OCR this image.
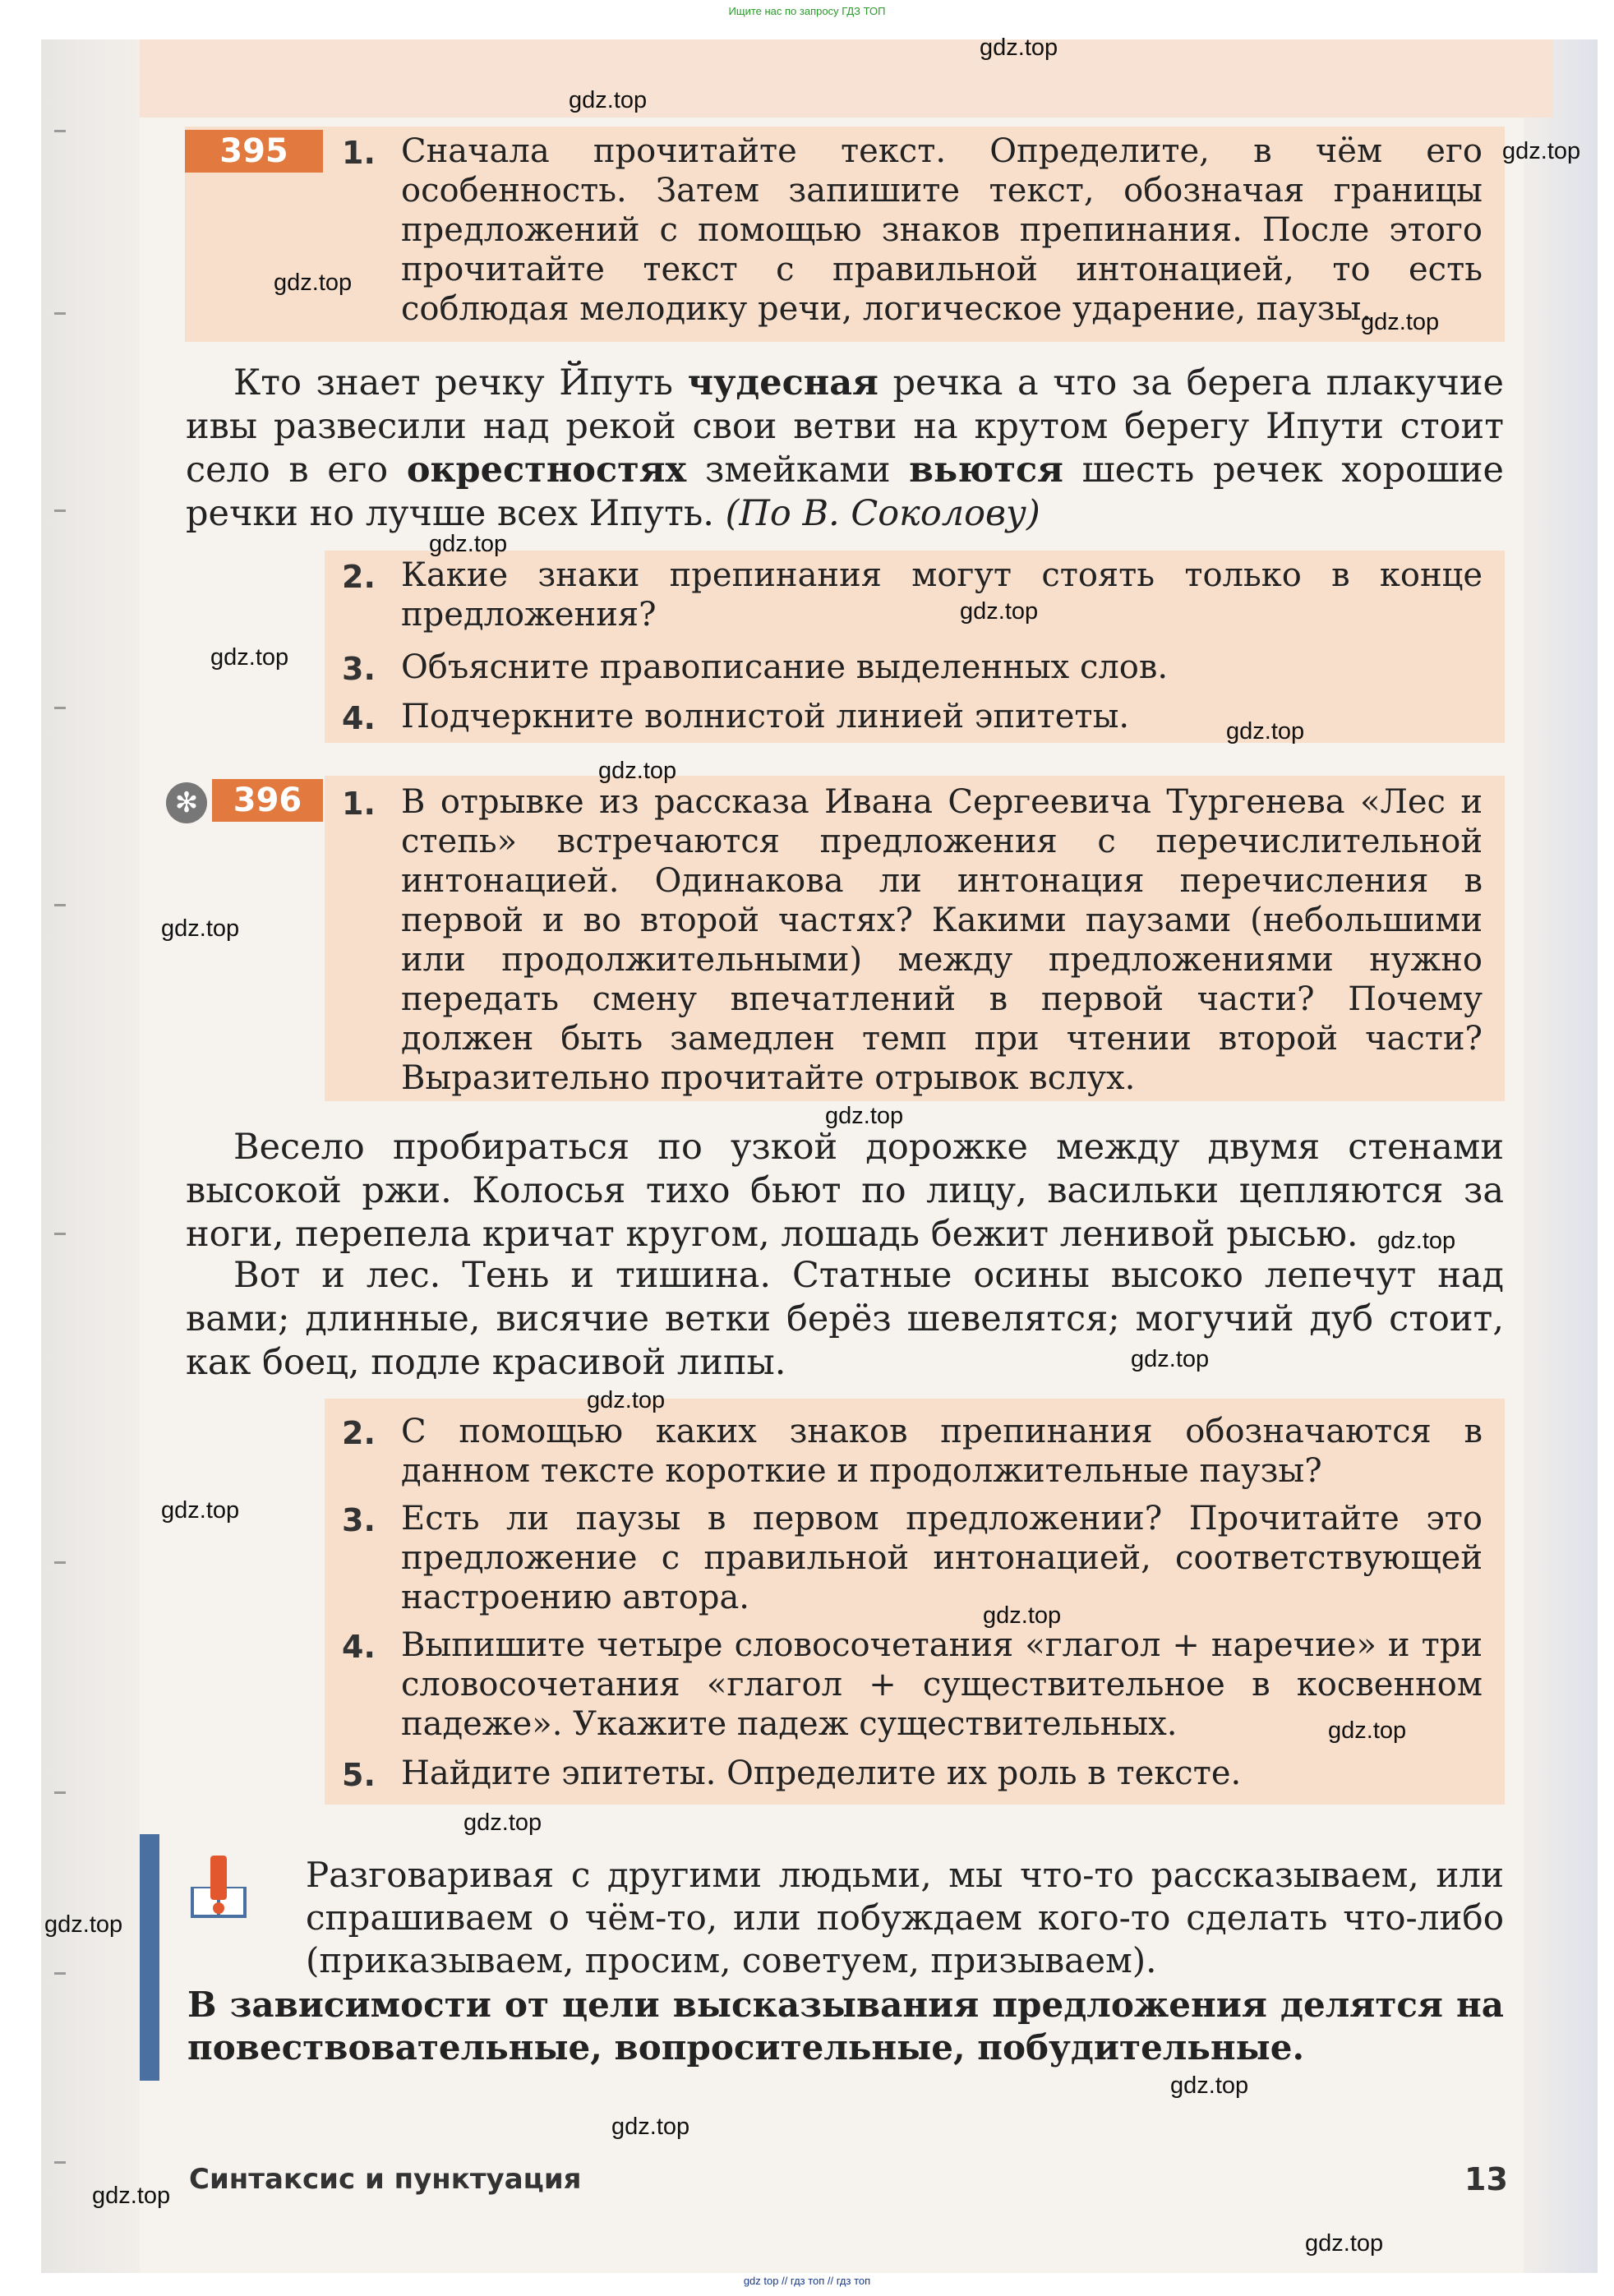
Ищите нас по запросу ГДЗ ТОП
395	1. Сначала прочитайте текст. Определите, в чём его особенность. Затем запишите текст, обозначая границы предложений с помощью знаков препинания. После этого прочитайте текст с правильной интонацией, то есть соблюдая мелодику речи, логическое ударение, паузы.
Кто знает речку Йпуть чудесная речка а что за берега плакучие ивы развесили над рекой свои ветви на крутом берегу Ипути стоит село в его окрестностях змейками вьются шесть речек хорошие речки но лучше всех Ипуть. (По В. Соколову)
2. Какие знаки препинания могут стоять только в конце предложения?
3. Объясните правописание выделенных слов.
4. Подчеркните волнистой линией эпитеты.
✻	396	1. В отрывке из рассказа Ивана Сергеевича Тургенева «Лес и степь» встречаются предложения с перечислительной интонацией. Одинакова ли интонация перечисления в первой и во второй частях? Какими паузами (небольшими или продолжительными) между предложениями нужно передать смену впечатлений в первой части? Почему должен быть замедлен темп при чтении второй части? Выразительно прочитайте отрывок вслух.
Весело пробираться по узкой дорожке между двумя стенами высокой ржи. Колосья тихо бьют по лицу, васильки цепляются за ноги, перепела кричат кругом, лошадь бежит ленивой рысью.
Вот и лес. Тень и тишина. Статные осины высоко лепечут над вами; длинные, висячие ветки берёз шевелятся; могучий дуб стоит, как боец, подле красивой липы.
2. С помощью каких знаков препинания обозначаются в данном тексте короткие и продолжительные паузы?
3. Есть ли паузы в первом предложении? Прочитайте это предложение с правильной интонацией, соответствующей настроению автора.
4. Выпишите четыре словосочетания «глагол + наречие» и три словосочетания «глагол + существительное в косвенном падеже». Укажите падеж существительных.
5. Найдите эпитеты. Определите их роль в тексте.
Разговаривая с другими людьми, мы что-то рассказываем, или спрашиваем о чём-то, или побуждаем кого-то сделать что-либо (приказываем, просим, советуем, призываем).
В зависимости от цели высказывания предложения делятся на повествовательные, вопросительные, побудительные.
Синтаксис и пунктуация	13
gdz.top
gdz.top
gdz.top
gdz.top
gdz.top
gdz.top
gdz.top
gdz.top
gdz.top
gdz.top
gdz.top
gdz.top
gdz.top
gdz.top
gdz.top
gdz.top
gdz.top
gdz.top
gdz.top
gdz.top
gdz.top
gdz.top
gdz.top
gdz.top
gdz top // гдз топ // гдз топ
